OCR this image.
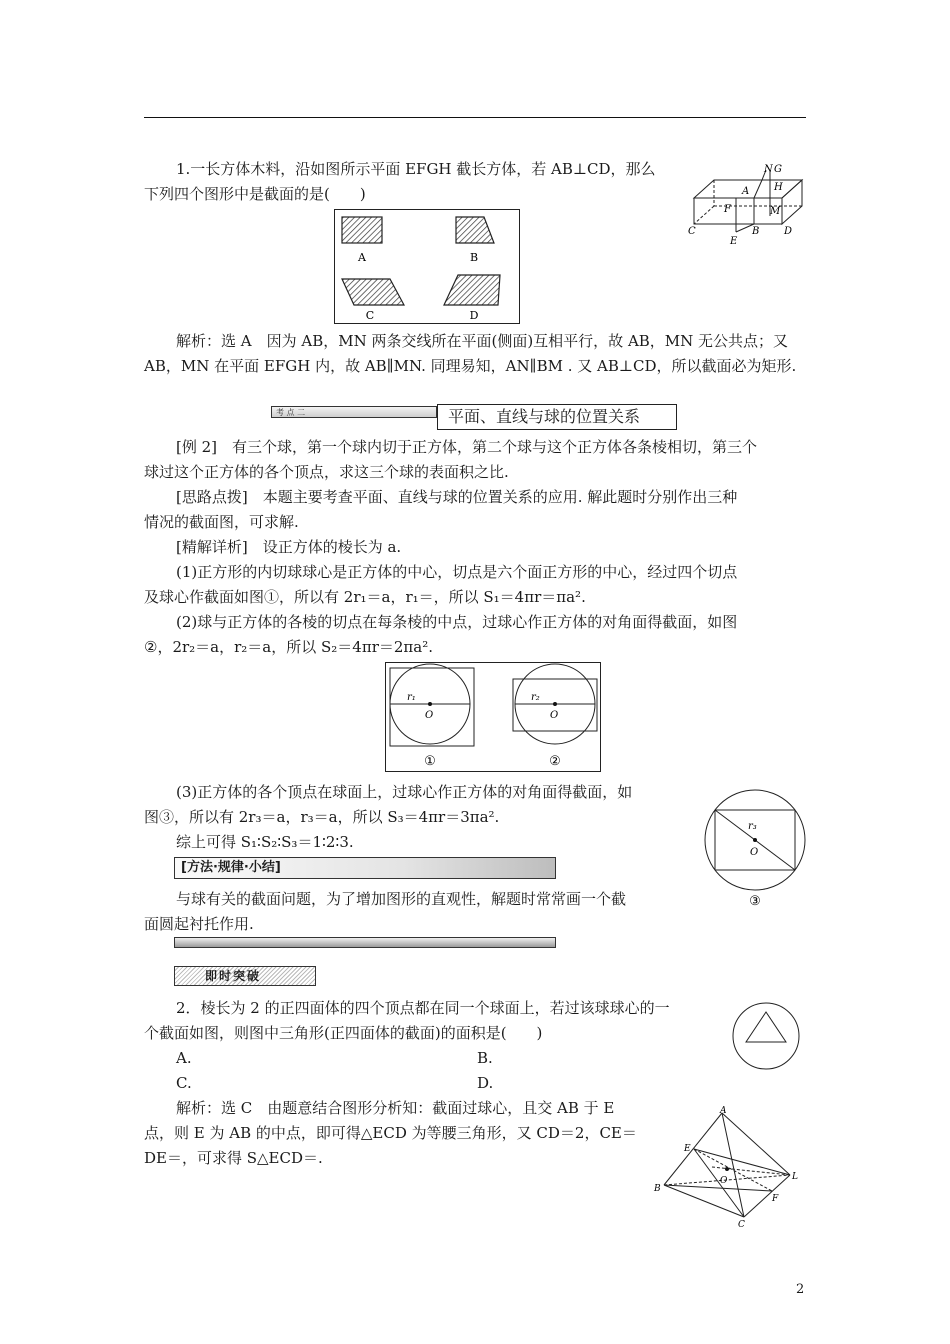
1.一长方体木料，沿如图所示平面 EFGH 截长方体，若 AB⊥CD，那么
下列四个图形中是截面的是(　　)
N G
A H
F	M
C	B D
E
A	B
C	D
解析：选 A　因为 AB，MN 两条交线所在平面(侧面)互相平行，故 AB，MN 无公共点；又
AB，MN 在平面 EFGH 内，故 AB∥MN. 同理易知，AN∥BM . 又 AB⊥CD，所以截面必为矩形.
考 点 二	平面、直线与球的位置关系
[例 2]　有三个球，第一个球内切于正方体，第二个球与这个正方体各条棱相切，第三个
球过这个正方体的各个顶点，求这三个球的表面积之比.
[思路点拨]　本题主要考查平面、直线与球的位置关系的应用. 解此题时分别作出三种
情况的截面图，可求解.
[精解详析]　设正方体的棱长为 a.
(1)正方形的内切球球心是正方体的中心，切点是六个面正方形的中心，经过四个切点
及球心作截面如图①，所以有 2r₁＝a，r₁＝，所以 S₁＝4πr＝πa².
(2)球与正方体的各棱的切点在每条棱的中点，过球心作正方体的对角面得截面，如图
②，2r₂＝a，r₂＝a，所以 S₂＝4πr＝2πa².
r₁
O
r₂
O
①	②
(3)正方体的各个顶点在球面上，过球心作正方体的对角面得截面，如
图③，所以有 2r₃＝a，r₃＝a，所以 S₃＝4πr＝3πa².
综上可得 S₁∶S₂∶S₃＝1∶2∶3.
r₃
O
③
[方法·规律·小结]
与球有关的截面问题，为了增加图形的直观性，解题时常常画一个截
面圆起衬托作用.
即时突破
2．棱长为 2 的正四面体的四个顶点都在同一个球面上，若过该球球心的一
个截面如图，则图中三角形(正四面体的截面)的面积是(　　)
A.	B.
C.	D.
解析：选 C　由题意结合图形分析知：截面过球心，且交 AB 于 E
点，则 E 为 AB 的中点，即可得△ECD 为等腰三角形，又 CD＝2，CE＝
DE＝，可求得 S△ECD＝.
A
E
O	L
B
F
C
2
